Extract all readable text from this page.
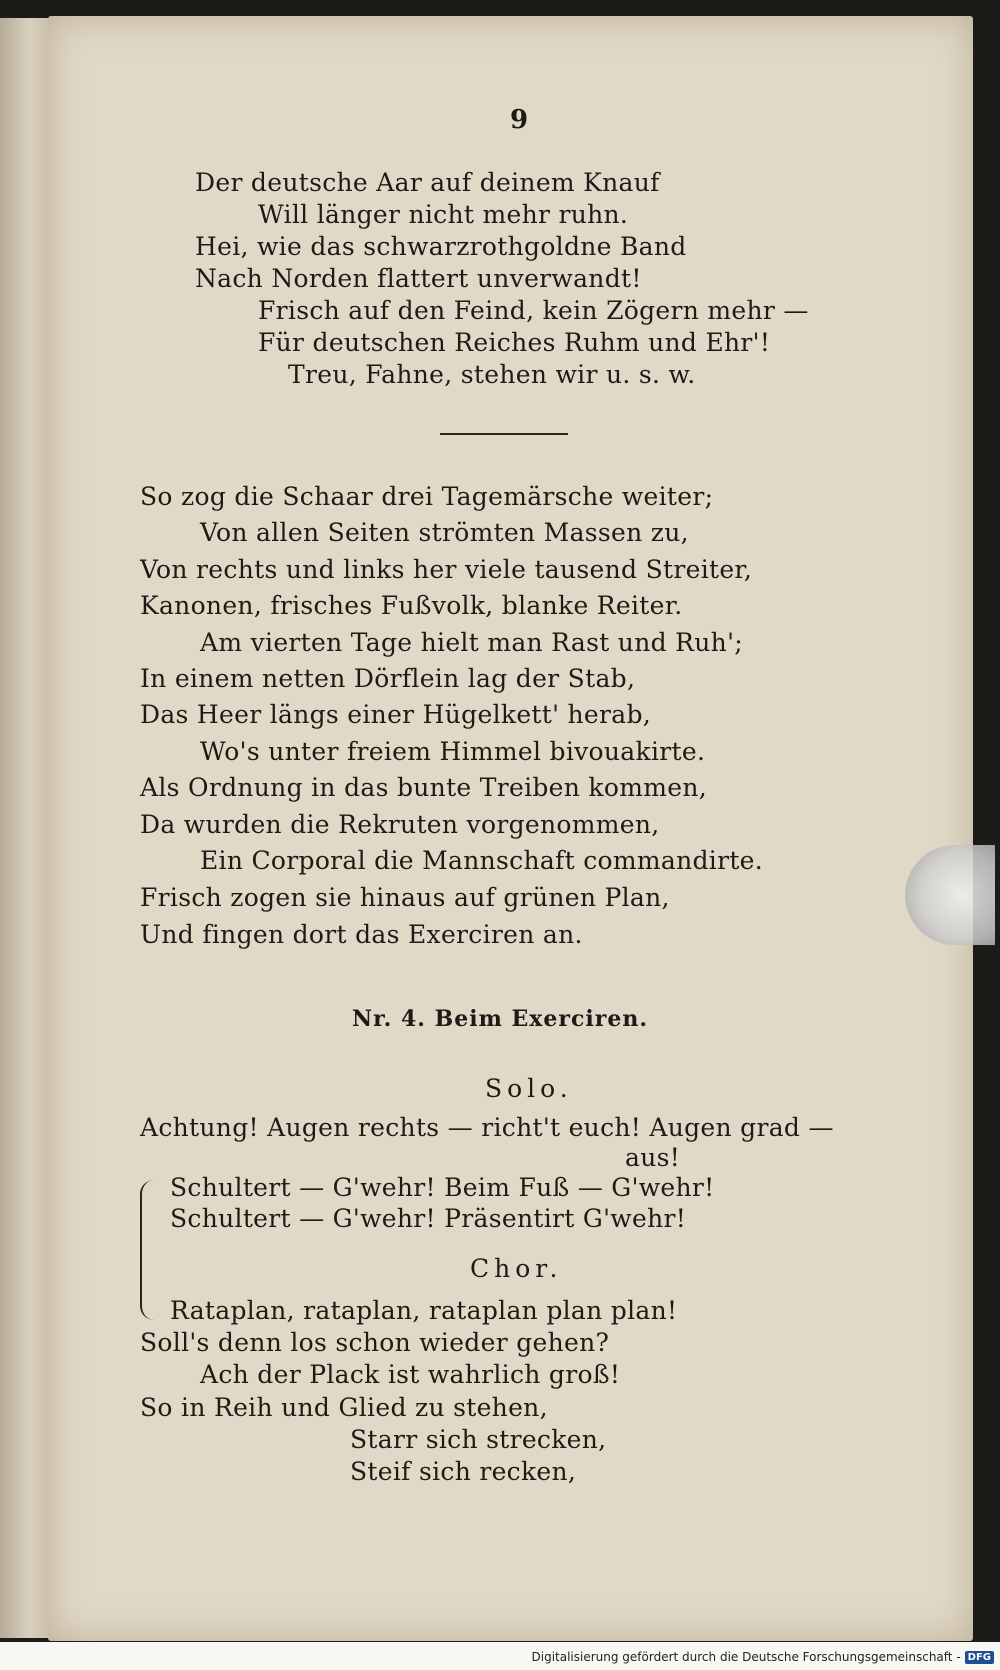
9
Der deutsche Aar auf deinem Knauf
Will länger nicht mehr ruhn.
Hei, wie das schwarzrothgoldne Band
Nach Norden flattert unverwandt!
Frisch auf den Feind, kein Zögern mehr —
Für deutschen Reiches Ruhm und Ehr'!
Treu, Fahne, stehen wir u. s. w.
So zog die Schaar drei Tagemärsche weiter;
Von allen Seiten strömten Massen zu,
Von rechts und links her viele tausend Streiter,
Kanonen, frisches Fußvolk, blanke Reiter.
Am vierten Tage hielt man Rast und Ruh';
In einem netten Dörflein lag der Stab,
Das Heer längs einer Hügelkett' herab,
Wo's unter freiem Himmel bivouakirte.
Als Ordnung in das bunte Treiben kommen,
Da wurden die Rekruten vorgenommen,
Ein Corporal die Mannschaft commandirte.
Frisch zogen sie hinaus auf grünen Plan,
Und fingen dort das Exerciren an.
Nr. 4. Beim Exerciren.
Solo.
Achtung! Augen rechts — richt't euch! Augen grad —
aus!
Schultert — G'wehr! Beim Fuß — G'wehr!
Schultert — G'wehr! Präsentirt G'wehr!
Chor.
Rataplan, rataplan, rataplan plan plan!
Soll's denn los schon wieder gehen?
Ach der Plack ist wahrlich groß!
So in Reih und Glied zu stehen,
Starr sich strecken,
Steif sich recken,
Digitalisierung gefördert durch die Deutsche Forschungsgemeinschaft - DFG
